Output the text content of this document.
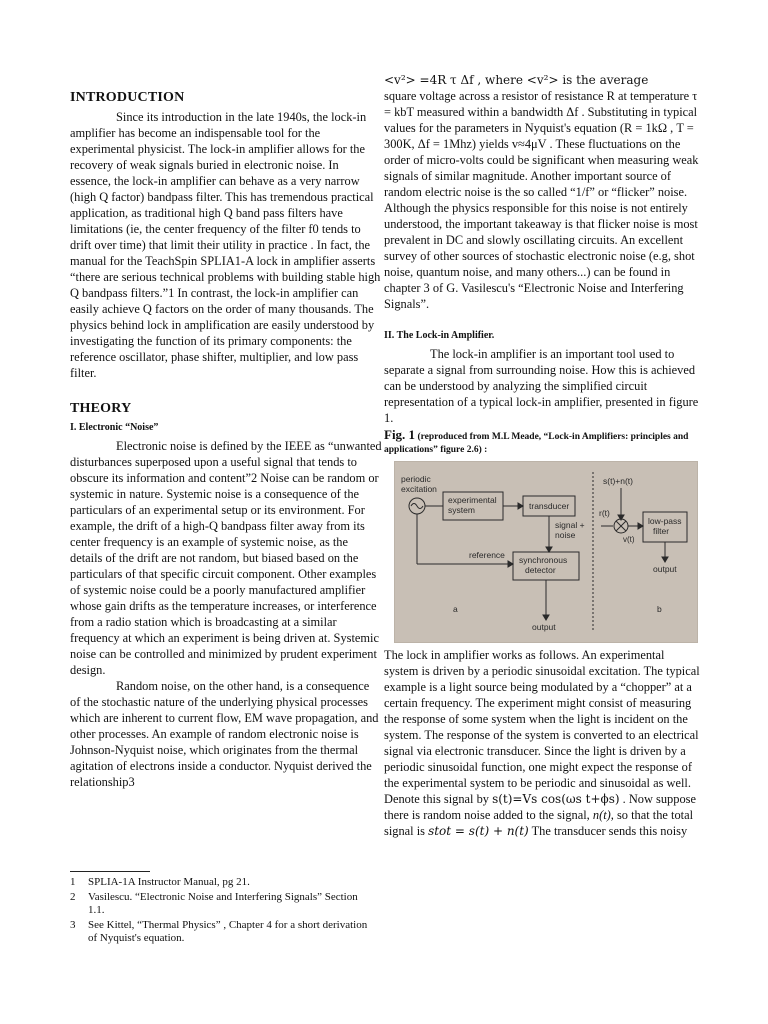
INTRODUCTION

Since its introduction in the late 1940s, the lock-in amplifier has become an indispensable tool for the experimental physicist. The lock-in amplifier allows for the recovery of weak signals buried in electronic noise. In essence, the lock-in amplifier can behave as a very narrow (high Q factor) bandpass filter. This has tremendous practical application, as traditional high Q band pass filters have limitations (ie, the center frequency of the filter f0 tends to drift over time) that limit their utility in practice . In fact, the manual for the TeachSpin SPLIA1-A lock in amplifier asserts “there are serious technical problems with building stable high Q bandpass filters.”1 In contrast, the lock-in amplifier can easily achieve Q factors on the order of many thousands. The physics behind lock in amplification are easily understood by investigating the function of its primary components: the reference oscillator, phase shifter, multiplier, and low pass filter.

THEORY
I. Electronic “Noise”

Electronic noise is defined by the IEEE as “unwanted disturbances superposed upon a useful signal that tends to obscure its information and content”2 Noise can be random or systemic in nature. Systemic noise is a consequence of the particulars of an experimental setup or its environment. For example, the drift of a high-Q bandpass filter away from its center frequency is an example of systemic noise, as the details of the drift are not random, but biased based on the particulars of that specific circuit component. Other examples of systemic noise could be a poorly manufactured amplifier whose gain drifts as the temperature increases, or interference from a radio station which is broadcasting at a similar frequency at which an experiment is being driven at. Systemic noise can be controlled and minimized by prudent experiment design.

Random noise, on the other hand, is a consequence of the stochastic nature of the underlying physical processes which are inherent to current flow, EM wave propagation, and other processes. An example of random electronic noise is Johnson-Nyquist noise, which originates from the thermal agitation of electrons inside a conductor. Nyquist derived the relationship3

1	SPLIA-1A Instructor Manual, pg 21.
2	Vasilescu. “Electronic Noise and Interfering Signals” Section 1.1.
3	See Kittel, “Thermal Physics” , Chapter 4 for a short derivation of Nyquist's equation.

<v²> =4R τ Δf , where <v²> is the average

square voltage across a resistor of resistance R at temperature τ = kbT measured within a bandwidth Δf . Substituting in typical values for the parameters in Nyquist's equation (R = 1kΩ , T = 300K, Δf = 1Mhz) yields v≈4μV . These fluctuations on the order of micro-volts could be significant when measuring weak signals of similar magnitude. Another important source of random electric noise is the so called “1/f” or “flicker” noise. Although the physics responsible for this noise is not entirely understood, the important takeaway is that flicker noise is most prevalent in DC and slowly oscillating circuits. An excellent survey of other sources of stochastic electronic noise (e.g, shot noise, quantum noise, and many others...) can be found in chapter 3 of G. Vasilescu's “Electronic Noise and Interfering Signals”.

II. The Lock-in Amplifier.

The lock-in amplifier is an important tool used to separate a signal from surrounding noise. How this is achieved can be understood by analyzing the simplified circuit representation of a typical lock-in amplifier, presented in figure 1.

Fig. 1 (reproduced from M.L Meade, “Lock-in Amplifiers: principles and applications” figure 2.6) :

periodic excitation
experimental system	transducer
reference
signal + noise
synchronous detector
output
a
s(t)+n(t)
r(t)
v(t)
low-pass filter
output
b

The lock in amplifier works as follows. An experimental system is driven by a periodic sinusoidal excitation. The typical example is a light source being modulated by a “chopper” at a certain frequency. The experiment might consist of measuring the response of some system when the light is incident on the system. The response of the system is converted to an electrical signal via electronic transducer. Since the light is driven by a periodic sinusoidal function, one might expect the response of the experimental system to be periodic and sinusoidal as well. Denote this signal by s(t)=Vs cos(ωs t+ϕs) . Now suppose there is random noise added to the signal, n(t), so that the total signal is stot = s(t) + n(t) The transducer sends this noisy
